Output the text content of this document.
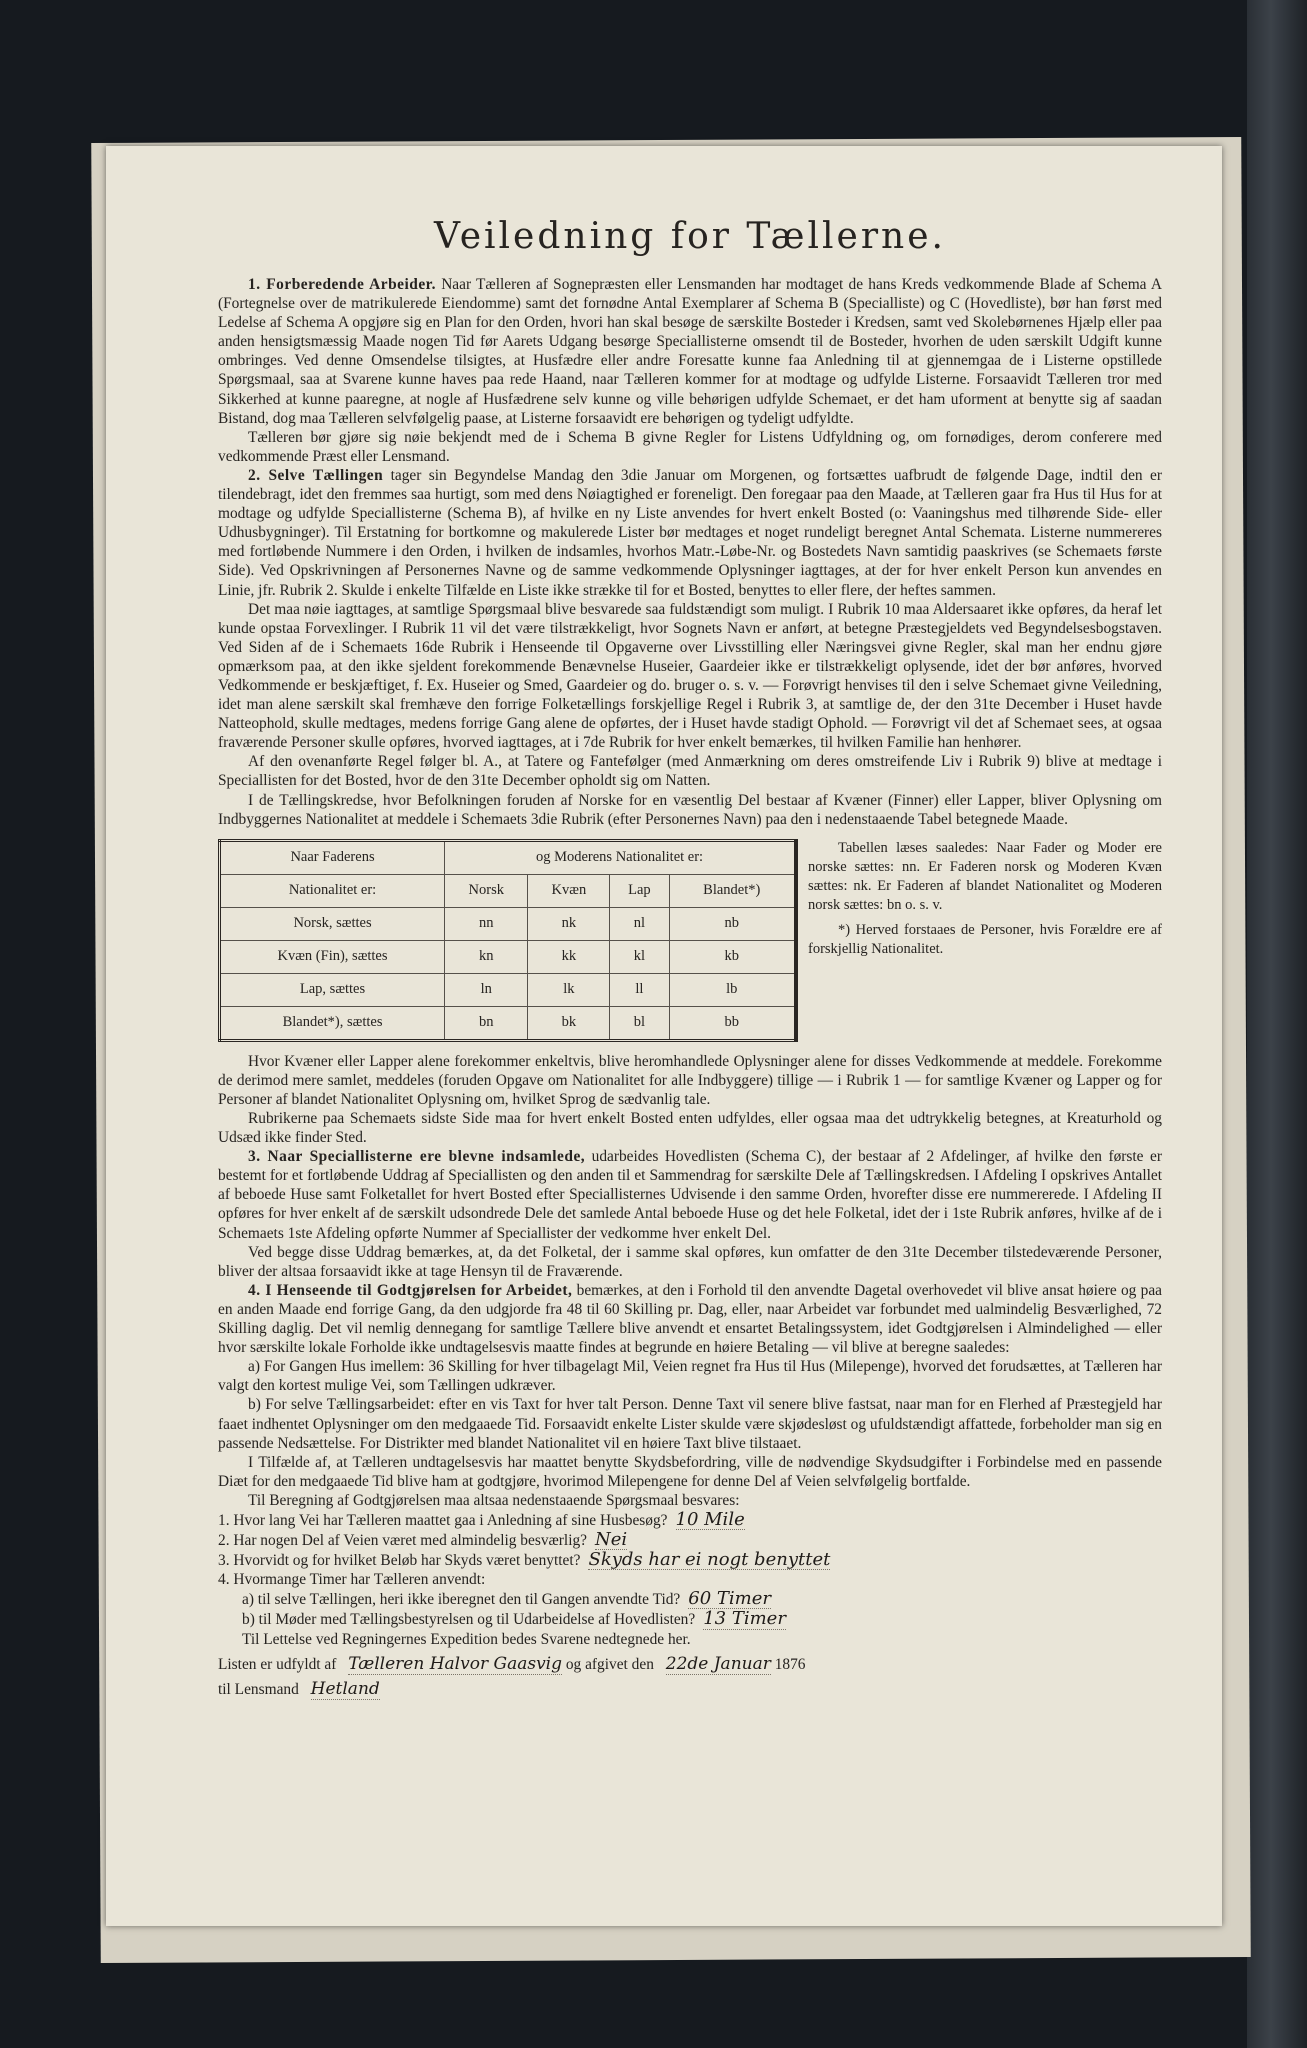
Veiledning for Tællerne.

1. Forberedende Arbeider. Naar Tælleren af Sognepræsten eller Lensmanden har modtaget de hans Kreds vedkommende Blade af Schema A (Fortegnelse over de matrikulerede Eiendomme) samt det fornødne Antal Exemplarer af Schema B (Specialliste) og C (Hovedliste), bør han først med Ledelse af Schema A opgjøre sig en Plan for den Orden, hvori han skal besøge de særskilte Bosteder i Kredsen, samt ved Skolebørnenes Hjælp eller paa anden hensigtsmæssig Maade nogen Tid før Aarets Udgang besørge Speciallisterne omsendt til de Bosteder, hvorhen de uden særskilt Udgift kunne ombringes. Ved denne Omsendelse tilsigtes, at Husfædre eller andre Foresatte kunne faa Anledning til at gjennemgaa de i Listerne opstillede Spørgsmaal, saa at Svarene kunne haves paa rede Haand, naar Tælleren kommer for at modtage og udfylde Listerne. Forsaavidt Tælleren tror med Sikkerhed at kunne paaregne, at nogle af Husfædrene selv kunne og ville behørigen udfylde Schemaet, er det ham uforment at benytte sig af saadan Bistand, dog maa Tælleren selvfølgelig paase, at Listerne forsaavidt ere behørigen og tydeligt udfyldte.

Tælleren bør gjøre sig nøie bekjendt med de i Schema B givne Regler for Listens Udfyldning og, om fornødiges, derom conferere med vedkommende Præst eller Lensmand.

2. Selve Tællingen tager sin Begyndelse Mandag den 3die Januar om Morgenen, og fortsættes uafbrudt de følgende Dage, indtil den er tilendebragt, idet den fremmes saa hurtigt, som med dens Nøiagtighed er foreneligt. Den foregaar paa den Maade, at Tælleren gaar fra Hus til Hus for at modtage og udfylde Speciallisterne (Schema B), af hvilke en ny Liste anvendes for hvert enkelt Bosted (o: Vaaningshus med tilhørende Side- eller Udhusbygninger). Til Erstatning for bortkomne og makulerede Lister bør medtages et noget rundeligt beregnet Antal Schemata. Listerne nummereres med fortløbende Nummere i den Orden, i hvilken de indsamles, hvorhos Matr.-Løbe-Nr. og Bostedets Navn samtidig paaskrives (se Schemaets første Side). Ved Opskrivningen af Personernes Navne og de samme vedkommende Oplysninger iagttages, at der for hver enkelt Person kun anvendes en Linie, jfr. Rubrik 2. Skulde i enkelte Tilfælde en Liste ikke strække til for et Bosted, benyttes to eller flere, der heftes sammen.

Det maa nøie iagttages, at samtlige Spørgsmaal blive besvarede saa fuldstændigt som muligt. I Rubrik 10 maa Aldersaaret ikke opføres, da heraf let kunde opstaa Forvexlinger. I Rubrik 11 vil det være tilstrækkeligt, hvor Sognets Navn er anført, at betegne Præstegjeldets ved Begyndelsesbogstaven. Ved Siden af de i Schemaets 16de Rubrik i Henseende til Opgaverne over Livsstilling eller Næringsvei givne Regler, skal man her endnu gjøre opmærksom paa, at den ikke sjeldent forekommende Benævnelse Huseier, Gaardeier ikke er tilstrækkeligt oplysende, idet der bør anføres, hvorved Vedkommende er beskjæftiget, f. Ex. Huseier og Smed, Gaardeier og do. bruger o. s. v. — Forøvrigt henvises til den i selve Schemaet givne Veiledning, idet man alene særskilt skal fremhæve den forrige Folketællings forskjellige Regel i Rubrik 3, at samtlige de, der den 31te December i Huset havde Natteophold, skulle medtages, medens forrige Gang alene de opførtes, der i Huset havde stadigt Ophold. — Forøvrigt vil det af Schemaet sees, at ogsaa fraværende Personer skulle opføres, hvorved iagttages, at i 7de Rubrik for hver enkelt bemærkes, til hvilken Familie han henhører.

Af den ovenanførte Regel følger bl. A., at Tatere og Fantefølger (med Anmærkning om deres omstreifende Liv i Rubrik 9) blive at medtage i Speciallisten for det Bosted, hvor de den 31te December opholdt sig om Natten.

I de Tællingskredse, hvor Befolkningen foruden af Norske for en væsentlig Del bestaar af Kvæner (Finner) eller Lapper, bliver Oplysning om Indbyggernes Nationalitet at meddele i Schemaets 3die Rubrik (efter Personernes Navn) paa den i nedenstaaende Tabel betegnede Maade.

Naar Faderens	og Moderens Nationalitet er:			
Nationalitet er:	Norsk	Kvæn	Lap	Blandet*)
Norsk, sættes	nn	nk	nl	nb
Kvæn (Fin), sættes	kn	kk	kl	kb
Lap, sættes	ln	lk	ll	lb
Blandet*), sættes	bn	bk	bl	bb

Tabellen læses saaledes: Naar Fader og Moder ere norske sættes: nn. Er Faderen norsk og Moderen Kvæn sættes: nk. Er Faderen af blandet Nationalitet og Moderen norsk sættes: bn o. s. v.

*) Herved forstaaes de Personer, hvis Forældre ere af forskjellig Nationalitet.

Hvor Kvæner eller Lapper alene forekommer enkeltvis, blive heromhandlede Oplysninger alene for disses Vedkommende at meddele. Forekomme de derimod mere samlet, meddeles (foruden Opgave om Nationalitet for alle Indbyggere) tillige — i Rubrik 1 — for samtlige Kvæner og Lapper og for Personer af blandet Nationalitet Oplysning om, hvilket Sprog de sædvanlig tale.

Rubrikerne paa Schemaets sidste Side maa for hvert enkelt Bosted enten udfyldes, eller ogsaa maa det udtrykkelig betegnes, at Kreaturhold og Udsæd ikke finder Sted.

3. Naar Speciallisterne ere blevne indsamlede, udarbeides Hovedlisten (Schema C), der bestaar af 2 Afdelinger, af hvilke den første er bestemt for et fortløbende Uddrag af Speciallisten og den anden til et Sammendrag for særskilte Dele af Tællingskredsen. I Afdeling I opskrives Antallet af beboede Huse samt Folketallet for hvert Bosted efter Speciallisternes Udvisende i den samme Orden, hvorefter disse ere nummererede. I Afdeling II opføres for hver enkelt af de særskilt udsondrede Dele det samlede Antal beboede Huse og det hele Folketal, idet der i 1ste Rubrik anføres, hvilke af de i Schemaets 1ste Afdeling opførte Nummer af Speciallister der vedkomme hver enkelt Del.

Ved begge disse Uddrag bemærkes, at, da det Folketal, der i samme skal opføres, kun omfatter de den 31te December tilstedeværende Personer, bliver der altsaa forsaavidt ikke at tage Hensyn til de Fraværende.

4. I Henseende til Godtgjørelsen for Arbeidet, bemærkes, at den i Forhold til den anvendte Dagetal overhovedet vil blive ansat høiere og paa en anden Maade end forrige Gang, da den udgjorde fra 48 til 60 Skilling pr. Dag, eller, naar Arbeidet var forbundet med ualmindelig Besværlighed, 72 Skilling daglig. Det vil nemlig dennegang for samtlige Tællere blive anvendt et ensartet Betalingssystem, idet Godtgjørelsen i Almindelighed — eller hvor særskilte lokale Forholde ikke undtagelsesvis maatte findes at begrunde en høiere Betaling — vil blive at beregne saaledes:

a) For Gangen Hus imellem: 36 Skilling for hver tilbagelagt Mil, Veien regnet fra Hus til Hus (Milepenge), hvorved det forudsættes, at Tælleren har valgt den kortest mulige Vei, som Tællingen udkræver.

b) For selve Tællingsarbeidet: efter en vis Taxt for hver talt Person. Denne Taxt vil senere blive fastsat, naar man for en Flerhed af Præstegjeld har faaet indhentet Oplysninger om den medgaaede Tid. Forsaavidt enkelte Lister skulde være skjødesløst og ufuldstændigt affattede, forbeholder man sig en passende Nedsættelse. For Distrikter med blandet Nationalitet vil en høiere Taxt blive tilstaaet.

I Tilfælde af, at Tælleren undtagelsesvis har maattet benytte Skydsbefordring, ville de nødvendige Skydsudgifter i Forbindelse med en passende Diæt for den medgaaede Tid blive ham at godtgjøre, hvorimod Milepengene for denne Del af Veien selvfølgelig bortfalde.

Til Beregning af Godtgjørelsen maa altsaa nedenstaaende Spørgsmaal besvares:

1. Hvor lang Vei har Tælleren maattet gaa i Anledning af sine Husbesøg? 10 Mile
2. Har nogen Del af Veien været med almindelig besværlig? Nei
3. Hvorvidt og for hvilket Beløb har Skyds været benyttet? Skyds har ei nogt benyttet
4. Hvormange Timer har Tælleren anvendt:
a) til selve Tællingen, heri ikke iberegnet den til Gangen anvendte Tid? 60 Timer
b) til Møder med Tællingsbestyrelsen og til Udarbeidelse af Hovedlisten? 13 Timer
Til Lettelse ved Regningernes Expedition bedes Svarene nedtegnede her.
Listen er udfyldt af Tælleren Halvor Gaasvig og afgivet den 22de Januar 1876
til Lensmand Hetland
